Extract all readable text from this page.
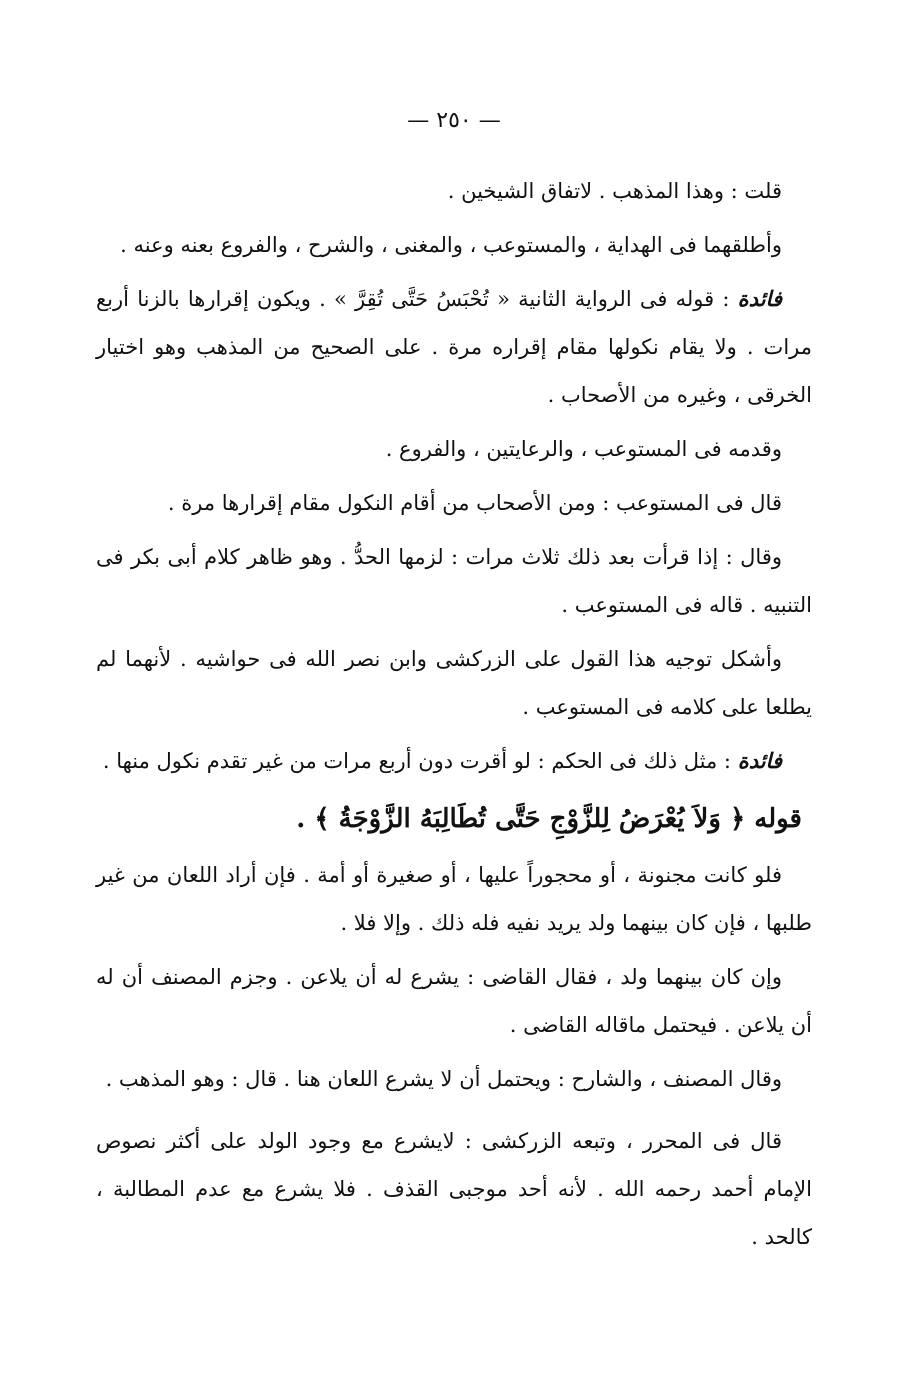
— ٢٥٠ —

قلت : وهذا المذهب . لاتفاق الشيخين .

وأطلقهما فى الهداية ، والمستوعب ، والمغنى ، والشرح ، والفروع بعنه وعنه .

فائدة : قوله فى الرواية الثانية « تُحْبَسُ حَتَّى تُقِرَّ » . ويكون إقرارها بالزنا أربع مرات . ولا يقام نكولها مقام إقراره مرة . على الصحيح من المذهب وهو اختيار الخرقى ، وغيره من الأصحاب .

وقدمه فى المستوعب ، والرعايتين ، والفروع .

قال فى المستوعب : ومن الأصحاب من أقام النكول مقام إقرارها مرة .

وقال : إذا قرأت بعد ذلك ثلاث مرات : لزمها الحدُّ . وهو ظاهر كلام أبى بكر فى التنبيه . قاله فى المستوعب .

وأشكل توجيه هذا القول على الزركشى وابن نصر الله فى حواشيه . لأنهما لم يطلعا على كلامه فى المستوعب .

فائدة : مثل ذلك فى الحكم : لو أقرت دون أربع مرات من غير تقدم نكول منها .

قوله ﴿ وَلاَ يُعْرَضُ لِلزَّوْجِ حَتَّى تُطَالِبَهُ الزَّوْجَةُ ﴾ .

فلو كانت مجنونة ، أو محجوراً عليها ، أو صغيرة أو أمة . فإن أراد اللعان من غير طلبها ، فإن كان بينهما ولد يريد نفيه فله ذلك . وإلا فلا .

وإن كان بينهما ولد ، فقال القاضى : يشرع له أن يلاعن . وجزم المصنف أن له أن يلاعن . فيحتمل ماقاله القاضى .

وقال المصنف ، والشارح : ويحتمل أن لا يشرع اللعان هنا . قال : وهو المذهب .

قال فى المحرر ، وتبعه الزركشى : لايشرع مع وجود الولد على أكثر نصوص الإمام أحمد رحمه الله . لأنه أحد موجبى القذف . فلا يشرع مع عدم المطالبة ، كالحد .
